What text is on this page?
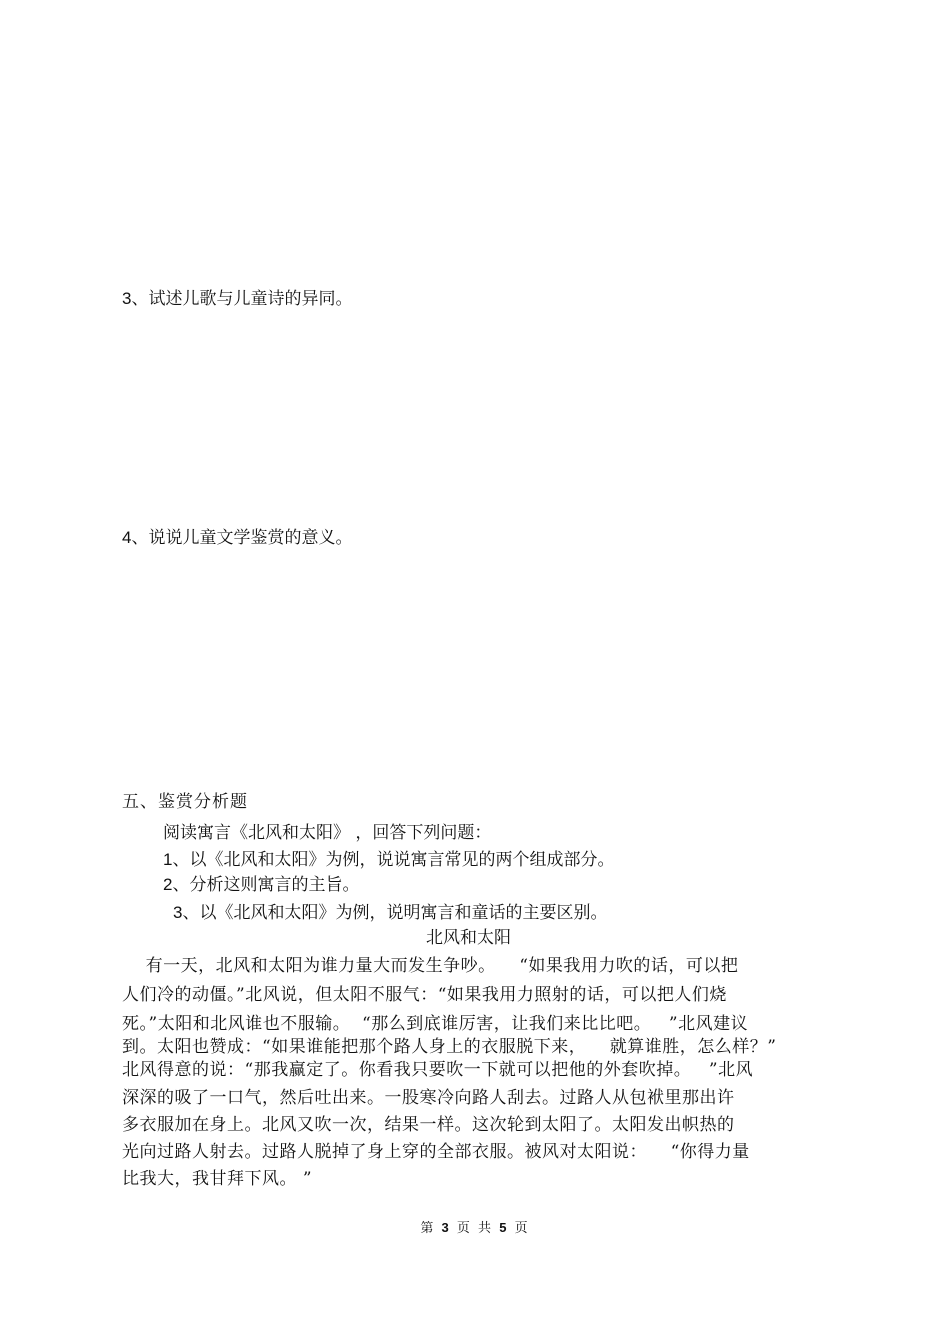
3、试述儿歌与儿童诗的异同。
4、说说儿童文学鉴赏的意义。
五、鉴赏分析题
阅读寓言《北风和太阳》 ，回答下列问题：
1、以《北风和太阳》为例，说说寓言常见的两个组成部分。
2、分析这则寓言的主旨。
3、以《北风和太阳》为例，说明寓言和童话的主要区别。
北风和太阳
有一天，北风和太阳为谁力量大而发生争吵。    “如果我用力吹的话，可以把
人们冷的动僵。”北风说，但太阳不服气：“如果我用力照射的话，可以把人们烧
死。”太阳和北风谁也不服输。  “那么到底谁厉害，让我们来比比吧。   ”北风建议
到。太阳也赞成：“如果谁能把那个路人身上的衣服脱下来，    就算谁胜，怎么样？”
北风得意的说：“那我赢定了。你看我只要吹一下就可以把他的外套吹掉。   ”北风
深深的吸了一口气，然后吐出来。一股寒冷向路人刮去。过路人从包袱里那出许
多衣服加在身上。北风又吹一次，结果一样。这次轮到太阳了。太阳发出帜热的
光向过路人射去。过路人脱掉了身上穿的全部衣服。被风对太阳说：    “你得力量
比我大，我甘拜下风。 ”
第 3 页 共 5 页
